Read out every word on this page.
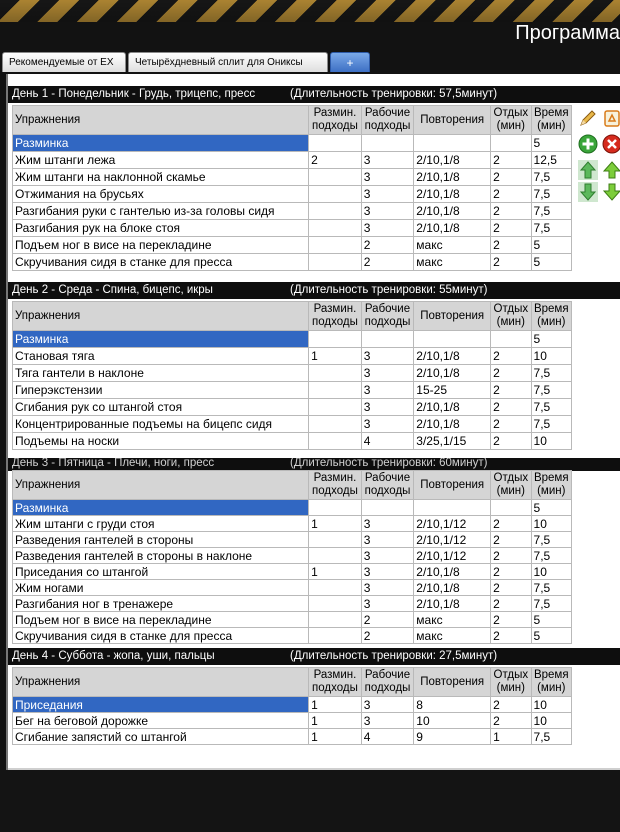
Программа
Рекомендуемые от EX	Четырёхдневный сплит для Ониксы	+
День 1 - Понедельник - Грудь, трицепс, пресс	(Длительность тренировки: 57,5минут)
Упражнения	Размин. подходы	Рабочие подходы	Повторения	Отдых (мин)	Время (мин)
Разминка					5
Жим штанги лежа	2	3	2/10,1/8	2	12,5
Жим штанги на наклонной скамье		3	2/10,1/8	2	7,5
Отжимания на брусьях		3	2/10,1/8	2	7,5
Разгибания руки с гантелью из-за головы сидя		3	2/10,1/8	2	7,5
Разгибания рук на блоке стоя		3	2/10,1/8	2	7,5
Подъем ног в висе на перекладине		2	макс	2	5
Скручивания сидя в станке для пресса		2	макс	2	5
День 2 - Среда - Спина, бицепс, икры	(Длительность тренировки: 55минут)
Упражнения	Размин. подходы	Рабочие подходы	Повторения	Отдых (мин)	Время (мин)
Разминка					5
Становая тяга	1	3	2/10,1/8	2	10
Тяга гантели в наклоне		3	2/10,1/8	2	7,5
Гиперэкстензии		3	15-25	2	7,5
Сгибания рук со штангой стоя		3	2/10,1/8	2	7,5
Концентрированные подъемы на бицепс сидя		3	2/10,1/8	2	7,5
Подъемы на носки		4	3/25,1/15	2	10
День 3 - Пятница - Плечи, ноги, пресс	(Длительность тренировки: 60минут)
Упражнения	Размин. подходы	Рабочие подходы	Повторения	Отдых (мин)	Время (мин)
Разминка					5
Жим штанги с груди стоя	1	3	2/10,1/12	2	10
Разведения гантелей в стороны		3	2/10,1/12	2	7,5
Разведения гантелей в стороны в наклоне		3	2/10,1/12	2	7,5
Приседания со штангой	1	3	2/10,1/8	2	10
Жим ногами		3	2/10,1/8	2	7,5
Разгибания ног в тренажере		3	2/10,1/8	2	7,5
Подъем ног в висе на перекладине		2	макс	2	5
Скручивания сидя в станке для пресса		2	макс	2	5
День 4 - Суббота - жопа, уши, пальцы	(Длительность тренировки: 27,5минут)
Упражнения	Размин. подходы	Рабочие подходы	Повторения	Отдых (мин)	Время (мин)
Приседания	1	3	8	2	10
Бег на беговой дорожке	1	3	10	2	10
Сгибание запястий со штангой	1	4	9	1	7,5
